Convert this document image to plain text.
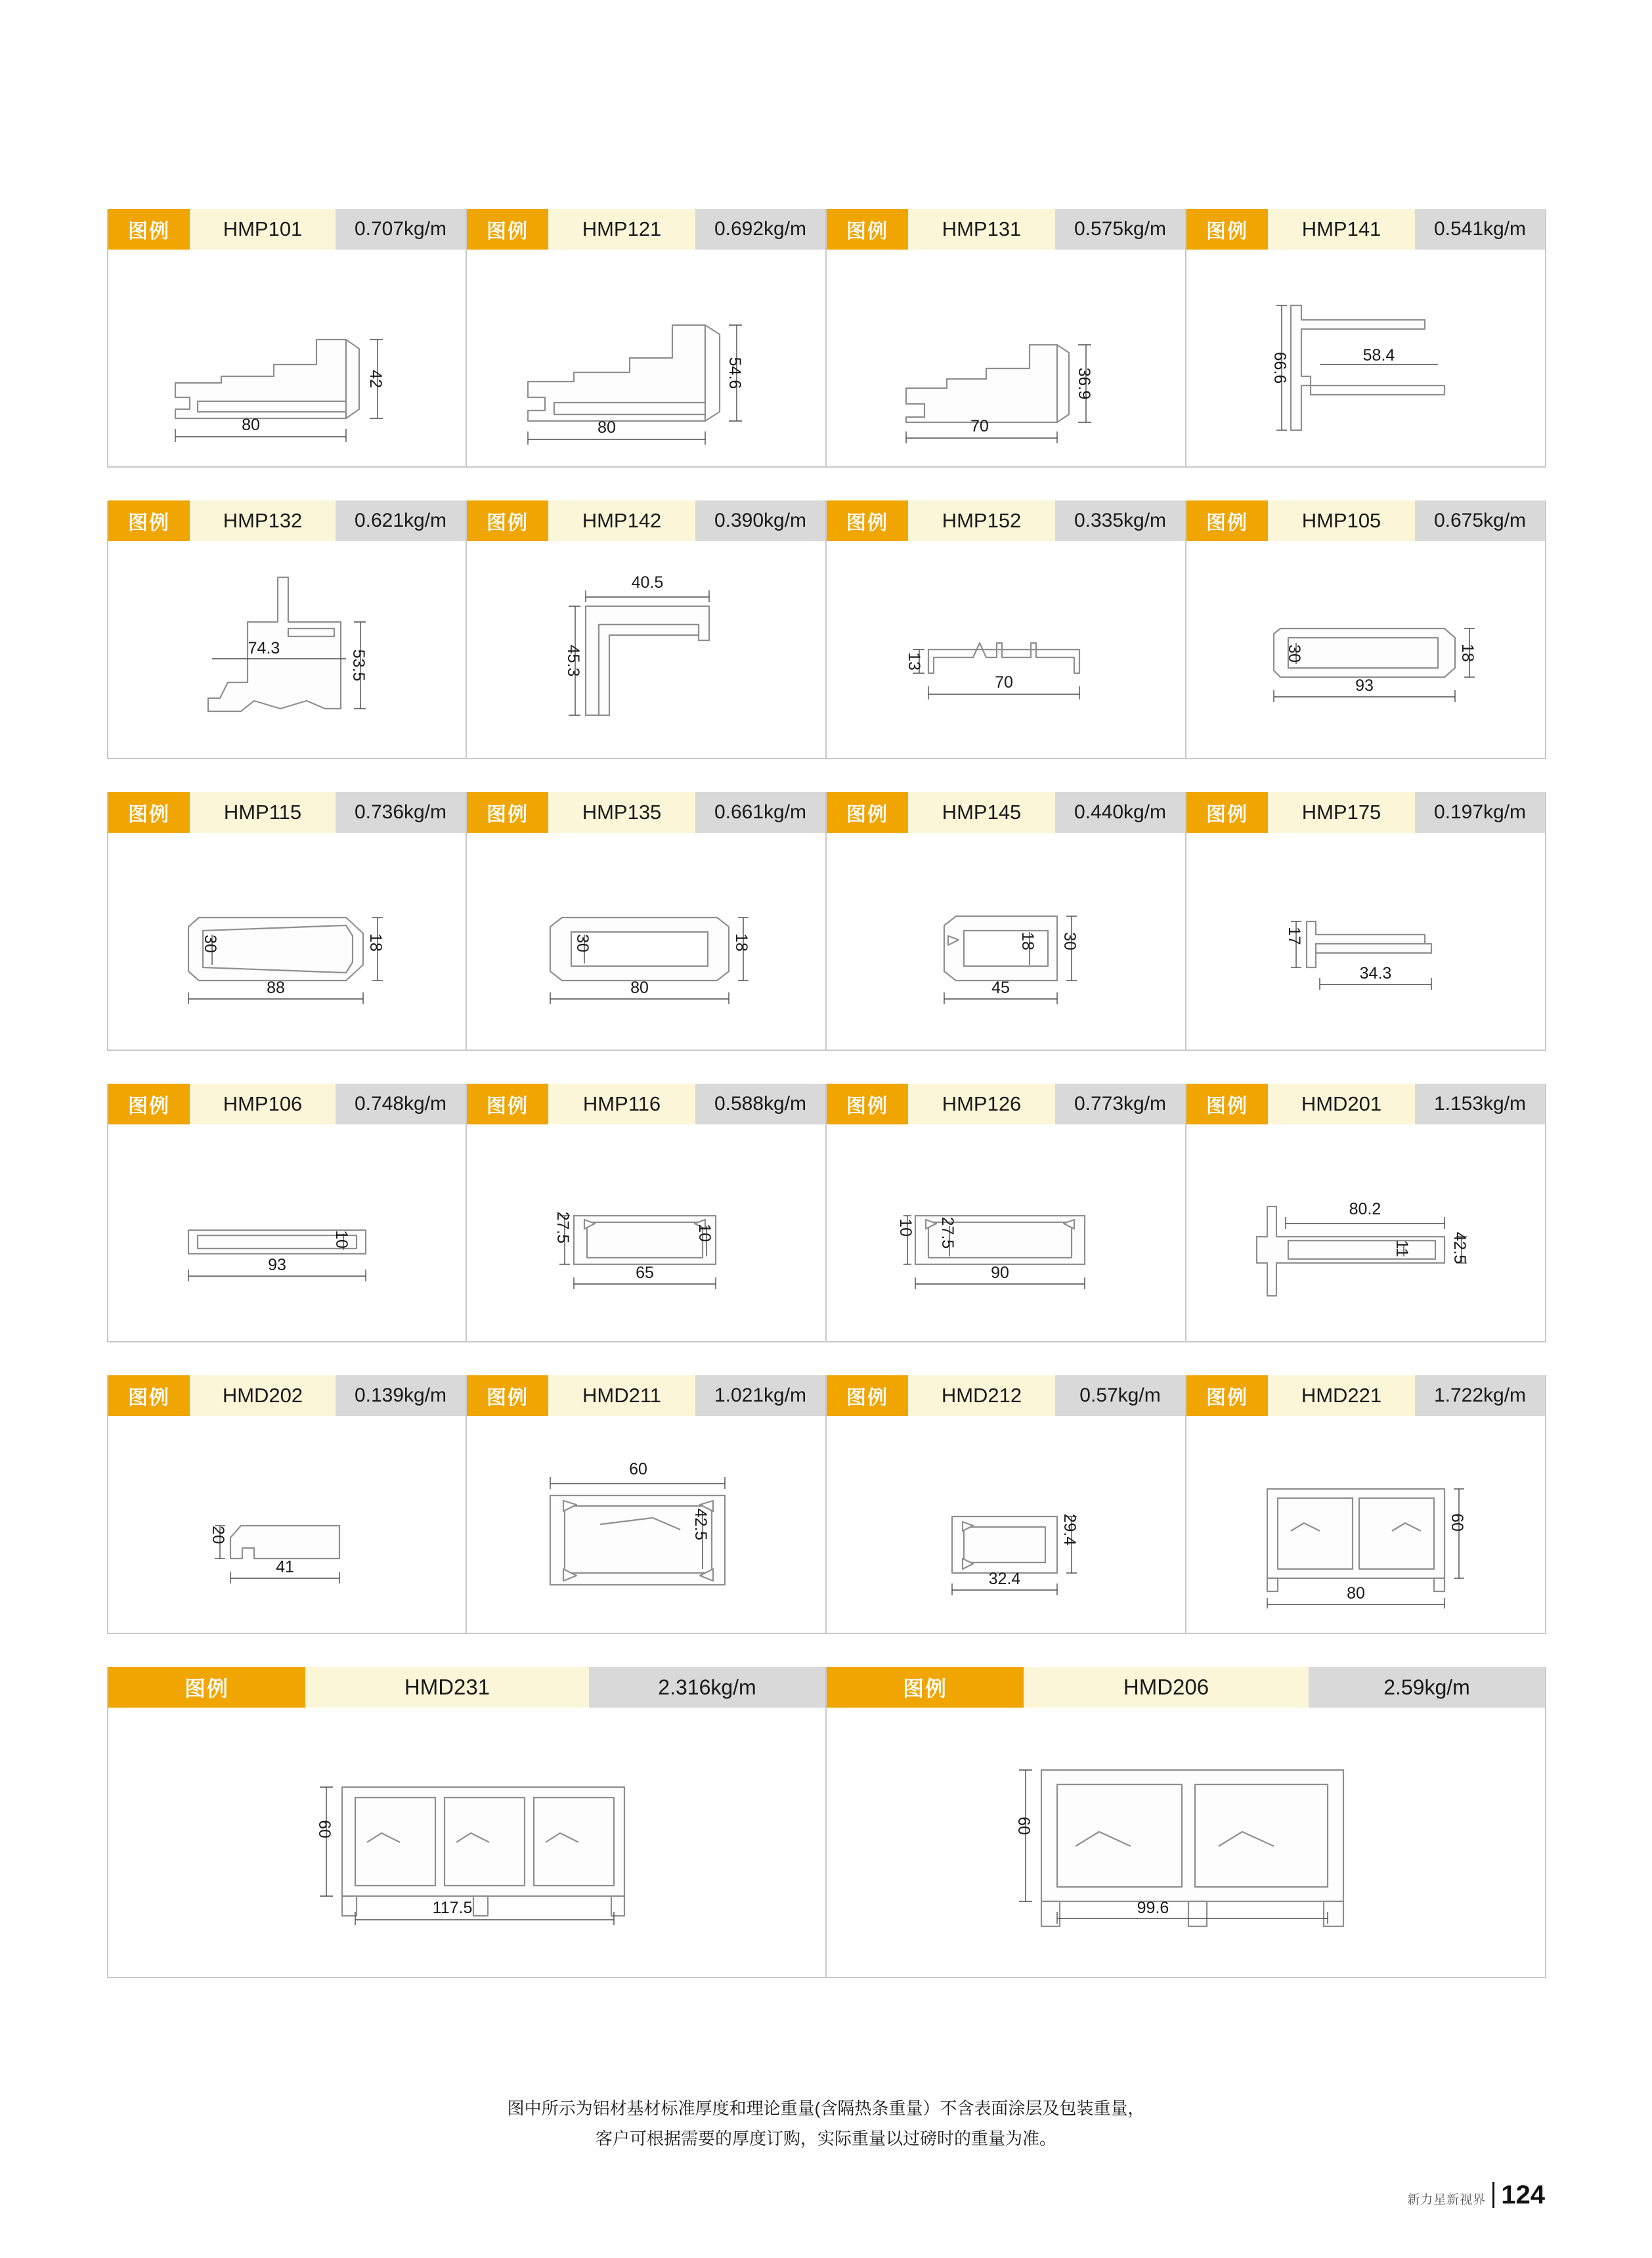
图例	HMP101	0.707kg/m
80
42
图例	HMP121	0.692kg/m
80
54.6
图例	HMP131	0.575kg/m
70
36.9
图例	HMP141	0.541kg/m
66.6	58.4
图例	HMP132	0.621kg/m
74.3
53.5
图例	HMP142	0.390kg/m
40.5
45.3
图例	HMP152	0.335kg/m
13
70
图例	HMP105	0.675kg/m
30	18
93
图例	HMP115	0.736kg/m
30	18
88
图例	HMP135	0.661kg/m
30	18
80
图例	HMP145	0.440kg/m
18 30
45
图例	HMP175	0.197kg/m
17
34.3
图例	HMP106	0.748kg/m
10
93
图例	HMP116	0.588kg/m
27.5	10
65
图例	HMP126	0.773kg/m
10 27.5
90
图例	HMD201	1.153kg/m
80.2
11 42.5
图例	HMD202	0.139kg/m
20
41
图例	HMD211	1.021kg/m
60
42.5
图例	HMD212	0.57kg/m
29.4
32.4
图例	HMD221	1.722kg/m
60
80
图例	HMD231	2.316kg/m
60
117.5
图例	HMD206	2.59kg/m
60
99.6
图中所示为铝材基材标准厚度和理论重量(含隔热条重量）不含表面涂层及包装重量，
客户可根据需要的厚度订购，实际重量以过磅时的重量为准。
新力星新视界 124
